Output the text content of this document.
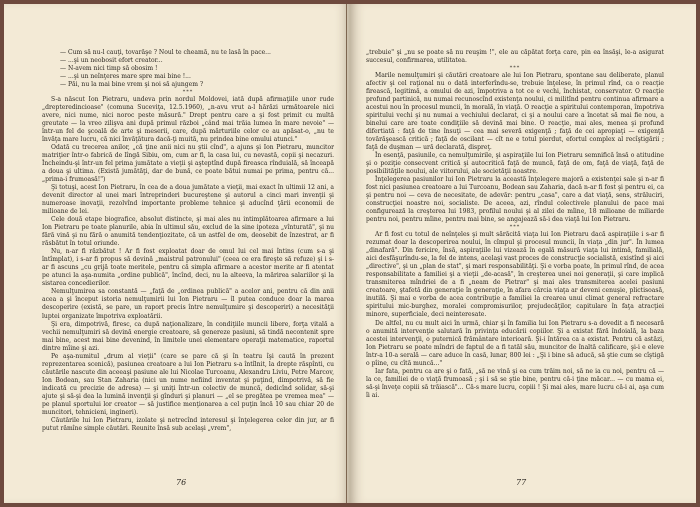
— Cum să nu-l cauţi, tovarăşe ? Noul te cheamă, nu te lasă în pace...

— ...şi un neobosit efort creator...

— N-avem nici timp să obosim !

— ...şi un neînţeres mare spre mai bine !...

— Păi, nu la mai bine vrem şi noi să ajungem ?

***

S-a născut Ion Pietraru, undeva prin nordul Moldovei, iată după afirmaţiile unor rude „drepteredincioase" (comuna Suceviţa, 12.5.1960), „n-avu vrut a-l hărăzi următoarele nici avere, nici nume, nici noroc peste măsură." Drept pentru care a şi fost primit cu multă greutate — la vreo zilişva ani după primul război „când mai trăia lumea în mare nevoie" — într-un fel de şcoală de arte şi meserii, care, după mărturiile celor ce au apăsat-o, „nu te învăţa mare lucru, că nici învăţătura dacă-ţi muită, nu prindea bine omului atunci."

Odată cu trecerea anilor, „că ţine anii nici nu ştii cînd", a ajuns şi Ion Pietraru, muncitor matriţier într-o fabrică de lîngă Sibiu, om, cum ar fi, la casa lui, cu nevastă, copii şi necazuri. Încheindu-şi într-un fel prima jumătate a vieţii şi aşteptînd după fireasca rînduială, să înceapă a doua şi ultima. (Există jumătăţi, dar de bună, ce poate bătui numai pe prima, pentru că... „prima-i frumoasă!")

Şi totuşi, acest Ion Pietraru, în cea de a doua jumătate a vieţii, mai exact în ultimii 12 ani, a devenit director al unei mari întreprinderi bucureştene şi autorul a cinci mari invenţii şi numeroase inovaţii, rezolvînd importante probleme tehnice şi aducînd ţării economii de milioane de lei.

Cele două etape biografice, absolut distincte, şi mai ales nu intimplătoarea afirmare a lui Ion Pietraru pe toate planurile, abia în ultimul său, exclud de la sine ipoteza „vînturată", şi nu fără vină şi nu fără o anumită tendenţiozitate, că un astfel de om, deosebit de înzestrat, ar fi răsbătut în totul oriunde.

Nu, n-ar fi răzbătut ! Ar fi fost exploatat doar de omul lui cel mai întins (cum s-a şi întîmplat), i s-ar fi propus să devină „maistrul patronului" (ceea ce era fireşte să refuze) şi i s-ar fi ascuns „cu grijă toate meritele, pentru că simpla afirmare a acestor merite ar fi atentat pe atunci la aşa-numita „ordine publică", încînd, deci, nu la alteeva, la mărirea salariilor şi la sistarea concedierilor.

Nemulţumirea sa constantă — „faţă de „ordinea publică" a acelor ani, pentru că din anii acea a şi început istoria nemulţumirii lui Ion Pietraru — îl putea conduce doar la marea descoperire (există, se pare, un raport precis între nemulţumire şi descoperiri) a necesităţii luptei organizate împotriva exploatării.

Şi era, dimpotrivă, firesc, ca după naţionalizare, în condiţiile muncii libere, forţa vitală a vechii nemulţumiri să devină energie creatoare, să genereze pasiuni, să tindă necontenit spre mai bine, acest mai bine devenind, în limitele unei elementare operaţii matematice, raportul dintre mîine şi azi.

Pe aşa-numitul „drum al vieţii" (care se pare că şi în teatru îşi caută în prezent reprezentarea scenică), pasiunea creatoare a lui Ion Pietraru s-a întîlnit, la drepte răspînti, cu căutările nascute din aceeaşi pasiune ale lui Nicolae Turcoanu, Alexandru Liviu, Petre Marcov, Ion Bodean, sau Stan Zaharia (nici un nume nefiind inventat şi puţind, dimpotrivă, să fie indicată cu precizie de adresa) — şi uniţi într-un colectiv de muncă, dedicînd solidar, să-şi ajute şi să-şi dea la lumină invenţii şi gînduri şi planuri — „el se pregătea pe vremea mea" — pe planul sportului lor creator — să justifice menţionarea a cel puţin încă 10 sau chiar 20 de muncitori, tehnicieni, ingineri).

Căutările lui Ion Pietraru, izolate şi netrecînd interesul şi înţelegerea celor din jur, ar fi putut rămîne simple căutări. Reunite însă sub acelaşi „vrem",

76

„trebuie" şi „nu se poate să nu reuşim !", ele au căpătat forţa care, pin ea însăşi, le-a asigurat succesul, confirmarea, utilitatea.

***

Marile nemulţumiri şi căutări creatoare ale lui Ion Pietraru, spontane sau deliberate, planul afectiv şi cel raţional nu o dată interferîndu-se, trebuie înţelese, în primul rînd, ca o reacţie firească, legitimă, a omului de azi, împotriva a tot ce e vechi, închistat, conservator. O reacţie profund partinică, nu numai recunoscînd existenţa noului, ci militînd pentru continua afirmare a acestui nou în procesul muncii, în morală, în viaţă. O reacţie a spiritului contemporan, împotriva spiritului vechi şi nu numai a vechiului declarat, ci şi a noului care a încetat să mai fie nou, a binelui care are toate condiţiile să devină mai bine. O reacţie, mai ales, menea şi profund difertiată : faţă de tine însuţi — cea mai severă exigenţă ; faţă de cei apropiaţi — exigenţă tovărăşească critică ; faţă de oscilant — cît ne e totul pierdut, efortul complex al recîştigării ; faţă de duşman — ură declarată, dispreţ.

În esenţă, pasiunile, ca nemulţumirile, şi aspiraţiile lui Ion Pietraru semnifică însă o atitudine şi o poziţie consecvent critică şi autocritică faţă de muncă, faţă de om, faţă de viaţă, faţă de posibilităţile noului, ale viitorului, ale societăţii noastre.

Înţelegerea pasiunilor lui Ion Pietraru la această înţelegere majoră a existenţei sale şi n-ar fi fost nici pasiunea creatoare a lui Turcoanu, Bodean sau Zaharia, dacă n-ar fi fost şi pentru ei, ca şi pentru noi — ceva de necesitate, de adevăr: pentru „casa", care a dat viaţă, sens, străluciri, construcţiei noastre noi, socialiste. De aceea, azi, rîndul colectivele planului de pace mai configurează la creşterea lui 1983, profilul noului şi al zilei de mîine, 18 milioane de miliarde pentru noi, pentru mîine, pentru mai bine, se angajează să-i dea viaţă lui Ion Pietraru.

***

Ar fi fost cu totul de neînţeles şi mult sărăcită viaţa lui Ion Pietraru dacă aspiraţiile i s-ar fi rezumat doar la descoperirea noului, în cîmpul şi procesul muncii, în viaţa „din jur". În lumea „dinafară". Din fericire, însă, aspiraţiile lui vizează în egală măsură viaţa lui intimă, familială, aici desfăşurîndu-se, la fel de intens, acelaşi vast proces de construcţie socialistă, existînd şi aici „directive", şi un „plan de stat", şi mari responsabilităţi. Şi e vorba poate, în primul rînd, de acea responsabilitate a familiei şi a vieţii „de-acasă", în creşterea unei noi generaţii, şi care implică transmiterea mîndriei de a fi „neam de Pietrar" şi mai ales transmiterea acelei pasiuni creatoare, ştafetă din generaţie în generaţie, în afara cărcia viaţa ar deveni cenuşie, plictisoasă, inutilă. Şi mai e vorba de acea contribuţie a familiei la crearea unui climat general refractare spiritului mic-burghez, moralei compromisurilor, prejudecăţilor, capitulare în faţa atracţiei minore, superficiale, deci neinteresate.

De altfel, nu cu mult aici în urmă, chiar şi în familia lui Ion Pietraru s-a dovedit a fi necesară o anumită intervenţie salutară în privinţa educării copiilor. Şi a existat fără îndoială, la baza acestei intervenţii, o puternică frământare interioară. Şi-i întărea ca a existat. Pentru că astăzi, Ion Pietraru se poate mîndri de faptul de a fi tatăl său, muncitor de înaltă calificare, şi-i e eleve într-a 10-a serală — care aduce în casă, lunar, 800 lei : „Şi i bine să aducă, să ştie cum se cîştigă o pîine, cu cîtă muncă..."

Iar fata, pentru ca are şi o fată, „să ne vină şi ea cum trăim noi, să ne ia cu noi, pentru că — la ce, familiei de o viaţă frumoasă ; şi i să se ştie bine, pentru că-i ţine măcar... — cu mama ei, să-şi înveţe copiii să trăiască"... Că-s mare lucru, copiii ! Şi mai ales, mare lucru că-i ai, aşa cum îi ai.

77
